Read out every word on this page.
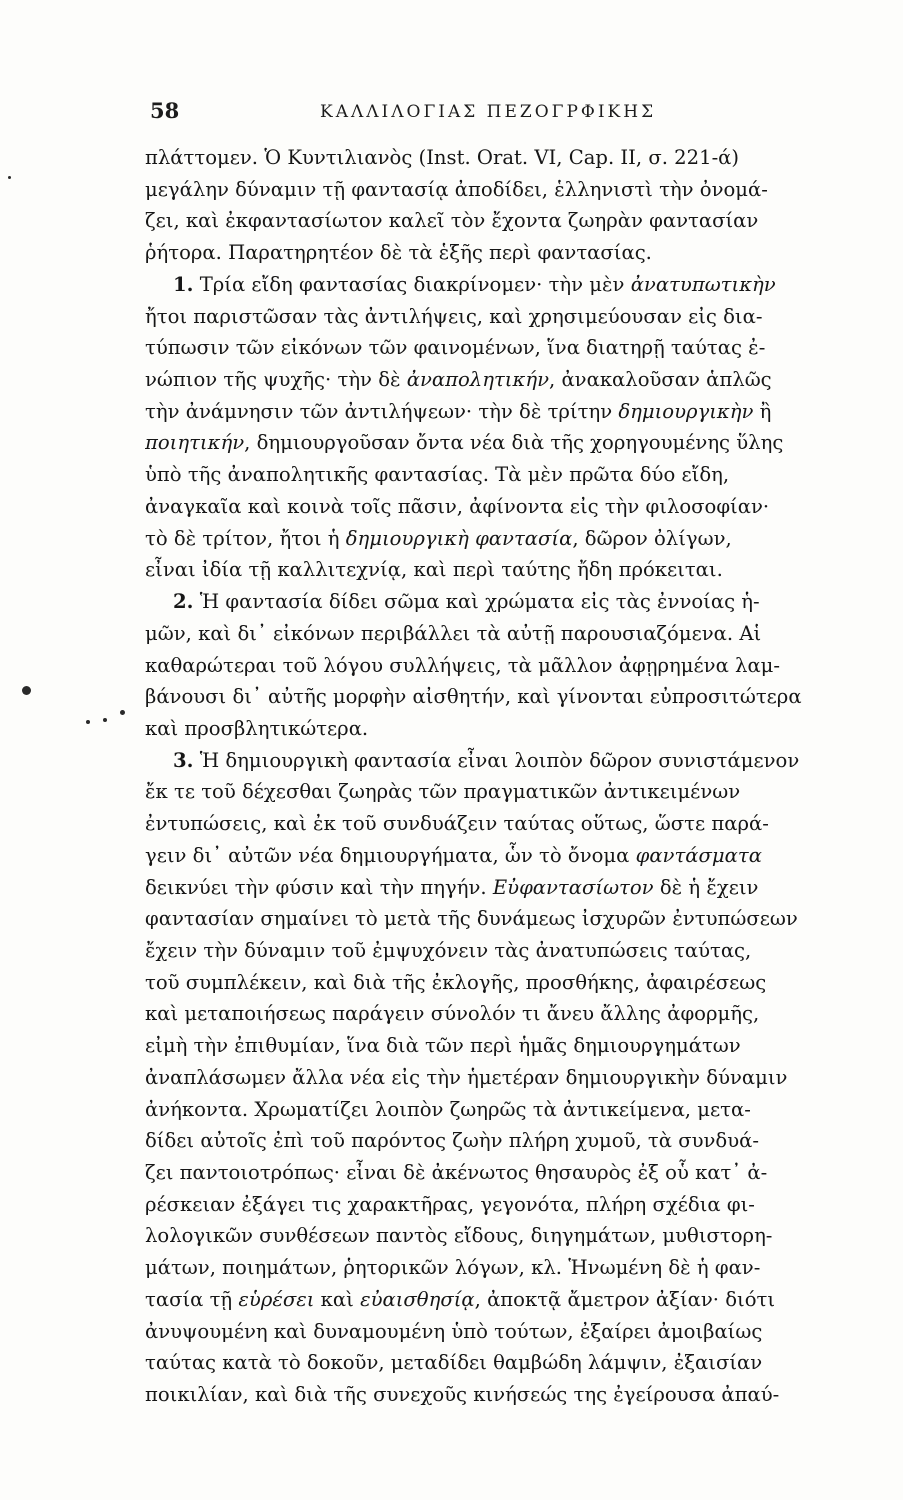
58	ΚΑΛΛΙΛΟΓΙΑΣ ΠΕΖΟΓΡΦΙΚΗΣ
πλάττομεν. Ὁ Κυντιλιανὸς (Inst. Orat. VI, Cap. II, σ. 221-ά)
μεγάλην δύναμιν τῇ φαντασίᾳ ἀποδίδει, ἑλληνιστὶ τὴν ὀνομά-
ζει, καὶ ἐκφαντασίωτον καλεῖ τὸν ἔχοντα ζωηρὰν φαντασίαν
ῥήτορα. Παρατηρητέον δὲ τὰ ἑξῆς περὶ φαντασίας.
1. Τρία εἴδη φαντασίας διακρίνομεν· τὴν μὲν ἀνατυπωτικὴν
ἤτοι παριστῶσαν τὰς ἀντιλήψεις, καὶ χρησιμεύουσαν εἰς δια-
τύπωσιν τῶν εἰκόνων τῶν φαινομένων, ἵνα διατηρῇ ταύτας ἐ-
νώπιον τῆς ψυχῆς· τὴν δὲ ἀναπολητικήν, ἀνακαλοῦσαν ἁπλῶς
τὴν ἀνάμνησιν τῶν ἀντιλήψεων· τὴν δὲ τρίτην δημιουργικὴν ἢ
ποιητικήν, δημιουργοῦσαν ὄντα νέα διὰ τῆς χορηγουμένης ὕλης
ὑπὸ τῆς ἀναπολητικῆς φαντασίας. Τὰ μὲν πρῶτα δύο εἴδη,
ἀναγκαῖα καὶ κοινὰ τοῖς πᾶσιν, ἀφίνοντα εἰς τὴν φιλοσοφίαν·
τὸ δὲ τρίτον, ἤτοι ἡ δημιουργικὴ φαντασία, δῶρον ὀλίγων,
εἶναι ἰδία τῇ καλλιτεχνίᾳ, καὶ περὶ ταύτης ἤδη πρόκειται.
2. Ἡ φαντασία δίδει σῶμα καὶ χρώματα εἰς τὰς ἐννοίας ἡ-
μῶν, καὶ δι᾽ εἰκόνων περιβάλλει τὰ αὐτῇ παρουσιαζόμενα. Αἱ
καθαρώτεραι τοῦ λόγου συλλήψεις, τὰ μᾶλλον ἀφῃρημένα λαμ-
βάνουσι δι᾽ αὐτῆς μορφὴν αἰσθητήν, καὶ γίνονται εὐπροσιτώτερα
καὶ προσβλητικώτερα.
3. Ἡ δημιουργικὴ φαντασία εἶναι λοιπὸν δῶρον συνιστάμενον
ἔκ τε τοῦ δέχεσθαι ζωηρὰς τῶν πραγματικῶν ἀντικειμένων
ἐντυπώσεις, καὶ ἐκ τοῦ συνδυάζειν ταύτας οὕτως, ὥστε παρά-
γειν δι᾽ αὐτῶν νέα δημιουργήματα, ὧν τὸ ὄνομα φαντάσματα
δεικνύει τὴν φύσιν καὶ τὴν πηγήν. Εὐφαντασίωτον δὲ ἡ ἔχειν
φαντασίαν σημαίνει τὸ μετὰ τῆς δυνάμεως ἰσχυρῶν ἐντυπώσεων
ἔχειν τὴν δύναμιν τοῦ ἐμψυχόνειν τὰς ἀνατυπώσεις ταύτας,
τοῦ συμπλέκειν, καὶ διὰ τῆς ἐκλογῆς, προσθήκης, ἀφαιρέσεως
καὶ μεταποιήσεως παράγειν σύνολόν τι ἄνευ ἄλλης ἀφορμῆς,
εἰμὴ τὴν ἐπιθυμίαν, ἵνα διὰ τῶν περὶ ἡμᾶς δημιουργημάτων
ἀναπλάσωμεν ἄλλα νέα εἰς τὴν ἡμετέραν δημιουργικὴν δύναμιν
ἀνήκοντα. Χρωματίζει λοιπὸν ζωηρῶς τὰ ἀντικείμενα, μετα-
δίδει αὐτοῖς ἐπὶ τοῦ παρόντος ζωὴν πλήρη χυμοῦ, τὰ συνδυά-
ζει παντοιοτρόπως· εἶναι δὲ ἀκένωτος θησαυρὸς ἐξ οὗ κατ᾽ ἀ-
ρέσκειαν ἐξάγει τις χαρακτῆρας, γεγονότα, πλήρη σχέδια φι-
λολογικῶν συνθέσεων παντὸς εἴδους, διηγημάτων, μυθιστορη-
μάτων, ποιημάτων, ῥητορικῶν λόγων, κλ. Ἡνωμένη δὲ ἡ φαν-
τασία τῇ εὑρέσει καὶ εὐαισθησίᾳ, ἀποκτᾷ ἄμετρον ἀξίαν· διότι
ἀνυψουμένη καὶ δυναμουμένη ὑπὸ τούτων, ἐξαίρει ἀμοιβαίως
ταύτας κατὰ τὸ δοκοῦν, μεταδίδει θαμβώδη λάμψιν, ἐξαισίαν
ποικιλίαν, καὶ διὰ τῆς συνεχοῦς κινήσεώς της ἐγείρουσα ἀπαύ-
